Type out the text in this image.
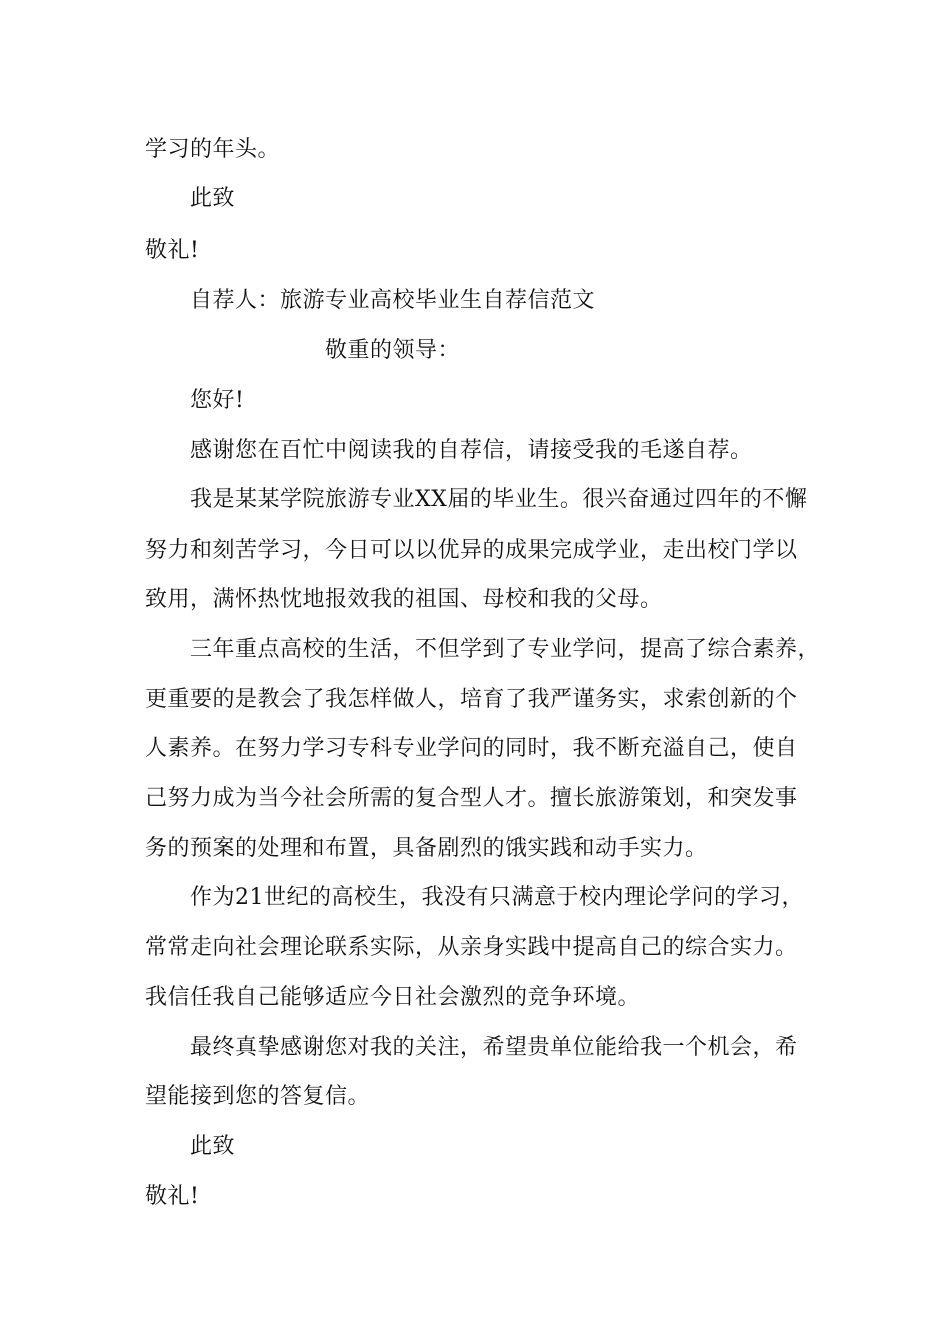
学习的年头。
此致
敬礼!
自荐人：旅游专业高校毕业生自荐信范文
敬重的领导：
您好!
感谢您在百忙中阅读我的自荐信，请接受我的毛遂自荐。
我是某某学院旅游专业XX届的毕业生。很兴奋通过四年的不懈
努力和刻苦学习，今日可以以优异的成果完成学业，走出校门学以
致用，满怀热忱地报效我的祖国、母校和我的父母。
三年重点高校的生活，不但学到了专业学问，提高了综合素养，
更重要的是教会了我怎样做人，培育了我严谨务实，求索创新的个
人素养。在努力学习专科专业学问的同时，我不断充溢自己，使自
己努力成为当今社会所需的复合型人才。擅长旅游策划，和突发事
务的预案的处理和布置，具备剧烈的饿实践和动手实力。
作为21世纪的高校生，我没有只满意于校内理论学问的学习，
常常走向社会理论联系实际，从亲身实践中提高自己的综合实力。
我信任我自己能够适应今日社会激烈的竞争环境。
最终真挚感谢您对我的关注，希望贵单位能给我一个机会，希
望能接到您的答复信。
此致
敬礼!
